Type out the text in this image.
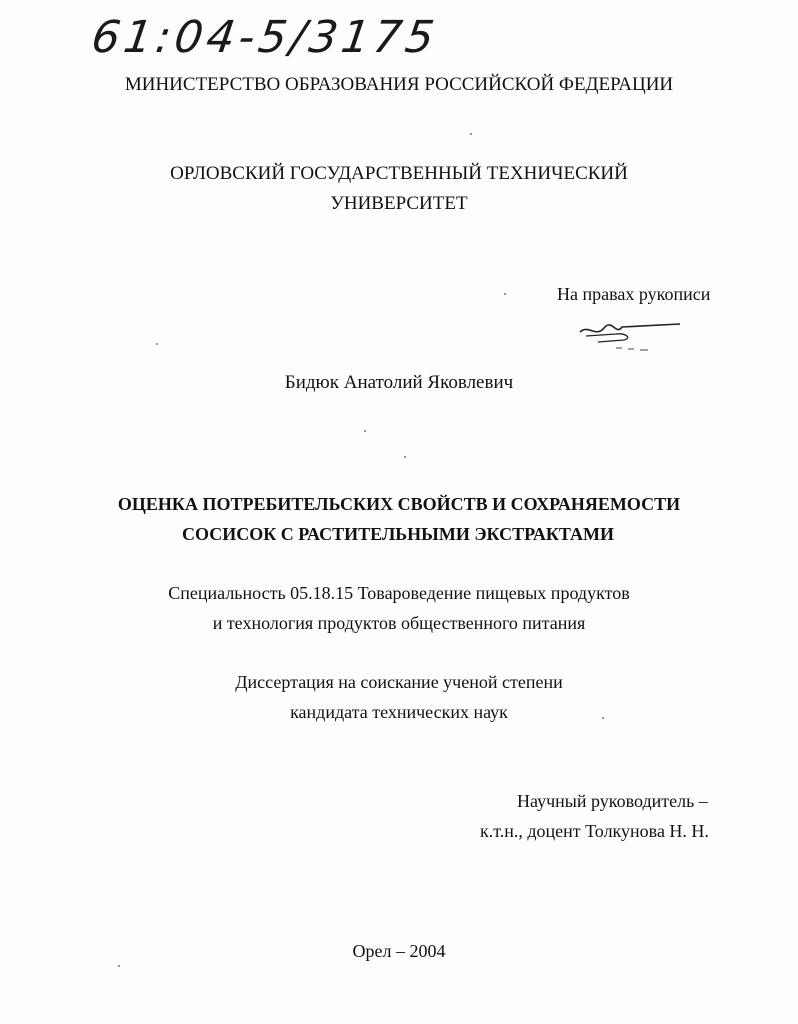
61:04-5/3175
МИНИСТЕРСТВО ОБРАЗОВАНИЯ РОССИЙСКОЙ ФЕДЕРАЦИИ
ОРЛОВСКИЙ ГОСУДАРСТВЕННЫЙ ТЕХНИЧЕСКИЙ
УНИВЕРСИТЕТ
На правах рукописи
Бидюк Анатолий Яковлевич
ОЦЕНКА ПОТРЕБИТЕЛЬСКИХ СВОЙСТВ И СОХРАНЯЕМОСТИ
СОСИСОК С РАСТИТЕЛЬНЫМИ ЭКСТРАКТАМИ
Специальность 05.18.15 Товароведение пищевых продуктов
и технология продуктов общественного питания
Диссертация на соискание ученой степени
кандидата технических наук
Научный руководитель –
к.т.н., доцент Толкунова Н. Н.
Орел – 2004
